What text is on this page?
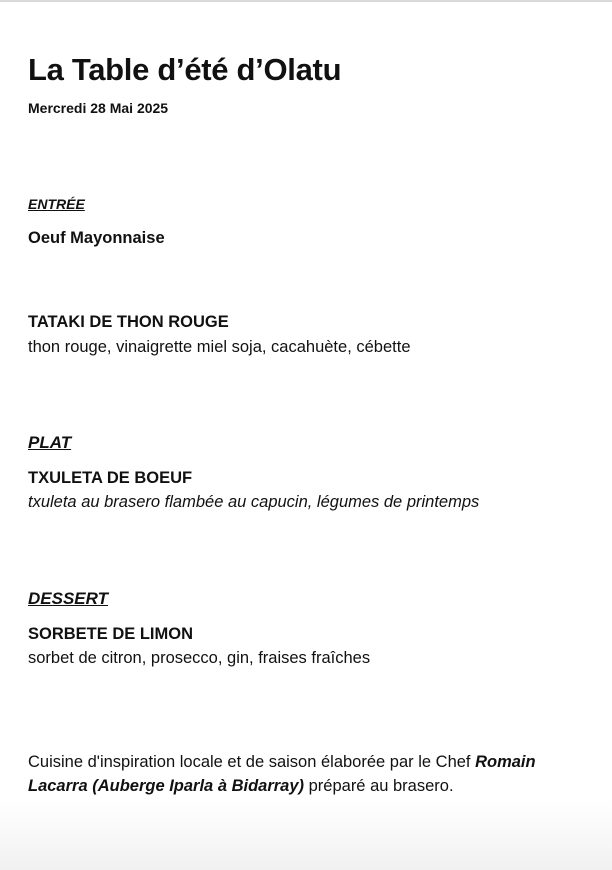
La Table d’été d’Olatu
Mercredi 28 Mai 2025
ENTRÉE
Oeuf Mayonnaise
TATAKI DE THON ROUGE
thon rouge, vinaigrette miel soja, cacahuète, cébette
PLAT
TXULETA DE BOEUF
txuleta au brasero flambée au capucin, légumes de printemps
DESSERT
SORBETE DE LIMON
sorbet de citron, prosecco, gin, fraises fraîches
Cuisine d'inspiration locale et de saison élaborée par le Chef Romain Lacarra (Auberge Iparla à Bidarray) préparé au brasero.
